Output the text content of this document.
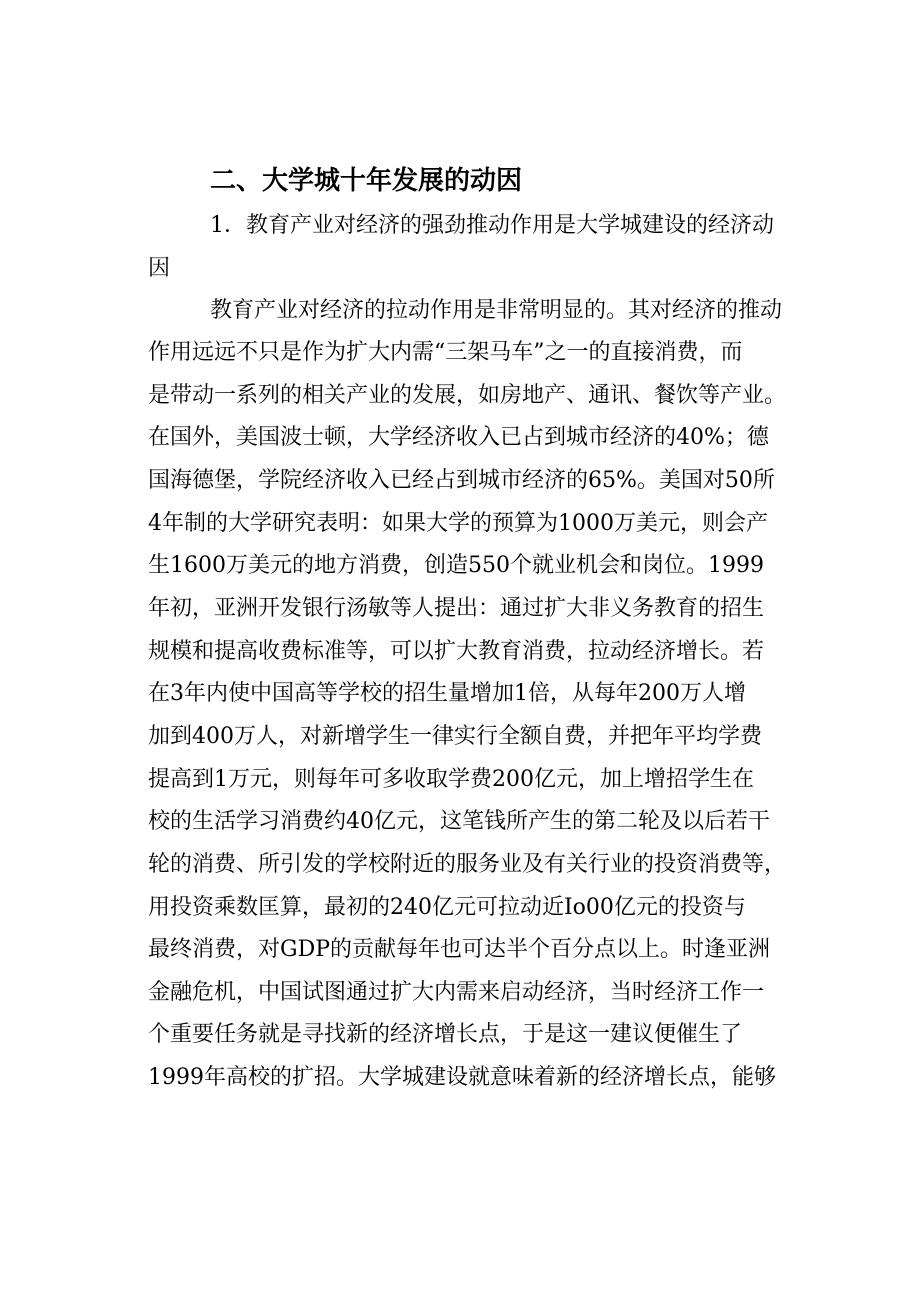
二、大学城十年发展的动因
1．教育产业对经济的强劲推动作用是大学城建设的经济动
因
教育产业对经济的拉动作用是非常明显的。其对经济的推动
作用远远不只是作为扩大内需“三架马车”之一的直接消费，而
是带动一系列的相关产业的发展，如房地产、通讯、餐饮等产业。
在国外，美国波士顿，大学经济收入已占到城市经济的40%；德
国海德堡，学院经济收入已经占到城市经济的65%。美国对50所
4年制的大学研究表明：如果大学的预算为1000万美元，则会产
生1600万美元的地方消费，创造550个就业机会和岗位。1999
年初，亚洲开发银行汤敏等人提出：通过扩大非义务教育的招生
规模和提高收费标准等，可以扩大教育消费，拉动经济增长。若
在3年内使中国高等学校的招生量增加1倍，从每年200万人增
加到400万人，对新增学生一律实行全额自费，并把年平均学费
提高到1万元，则每年可多收取学费200亿元，加上增招学生在
校的生活学习消费约40亿元，这笔钱所产生的第二轮及以后若干
轮的消费、所引发的学校附近的服务业及有关行业的投资消费等，
用投资乘数匡算，最初的240亿元可拉动近Io00亿元的投资与
最终消费，对GDP的贡献每年也可达半个百分点以上。时逢亚洲
金融危机，中国试图通过扩大内需来启动经济，当时经济工作一
个重要任务就是寻找新的经济增长点，于是这一建议便催生了
1999年高校的扩招。大学城建设就意味着新的经济增长点，能够
